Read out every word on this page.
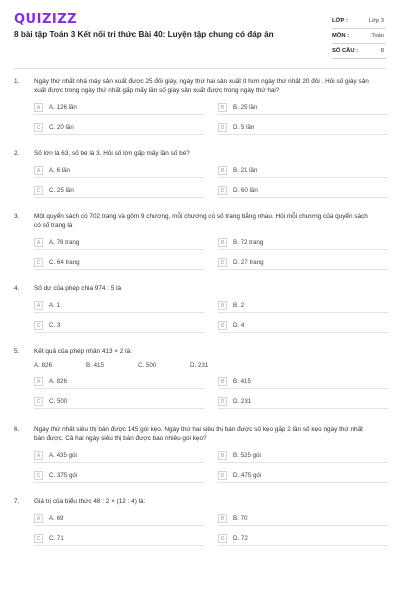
QUIZIZZ
8 bài tập Toán 3 Kết nối tri thức Bài 40: Luyện tập chung có đáp án
LỚP :	Lớp 3
MÔN :	Toán
SỐ CÂU :	8
1.	Ngày thứ nhất nhà máy sản xuất được 25 đôi giày, ngày thứ hai sản xuất ít hơn ngày thứ nhất 20 đôi . Hỏi số giày sản xuất được trong ngày thứ nhất gấp mấy lần số giày sản xuất được trong ngày thứ hai?
A	A. 126 lần	B	B. 25 lần
C	C. 20 lần	D	D. 5 lần
2.	Số lớn là 63, số bé là 3. Hỏi số lớn gấp mấy lần số bé?
A	A. 6 lần	B	B. 21 lần
C	C. 25 lần	D	D. 60 lần
3.	Một quyển sách có 702 trang và gồm 9 chương, mỗi chương có số trang bằng nhau. Hỏi mỗi chương của quyển sách có số trang là
A	A. 78 trang	B	B. 72 trang
C	C. 64 trang	D	D. 27 trang
4.	Số dư của phép chia 974 : 5 là
A	A. 1	B	B. 2
C	C. 3	D	D. 4
5.	Kết quả của phép nhân 413 × 2 là:
A. 826	B. 415	C. 500	D. 231
A	A. 826	B	B. 415
C	C. 500	D	D. 231
6.	Ngày thứ nhất siêu thị bán được 145 gói kẹo. Ngày thứ hai siêu thị bán được số kẹo gấp 2 lần số kẹo ngày thứ nhất bán được. Cả hai ngày siêu thị bán được bao nhiêu gói kẹo?
A	A. 435 gói	B	B. 525 gói
C	C. 375 gói	D	D. 475 gói
7.	Giá trị của biểu thức 48 : 2 × (12 : 4) là:
A	A. 69	B	B. 70
C	C. 71	D	D. 72
